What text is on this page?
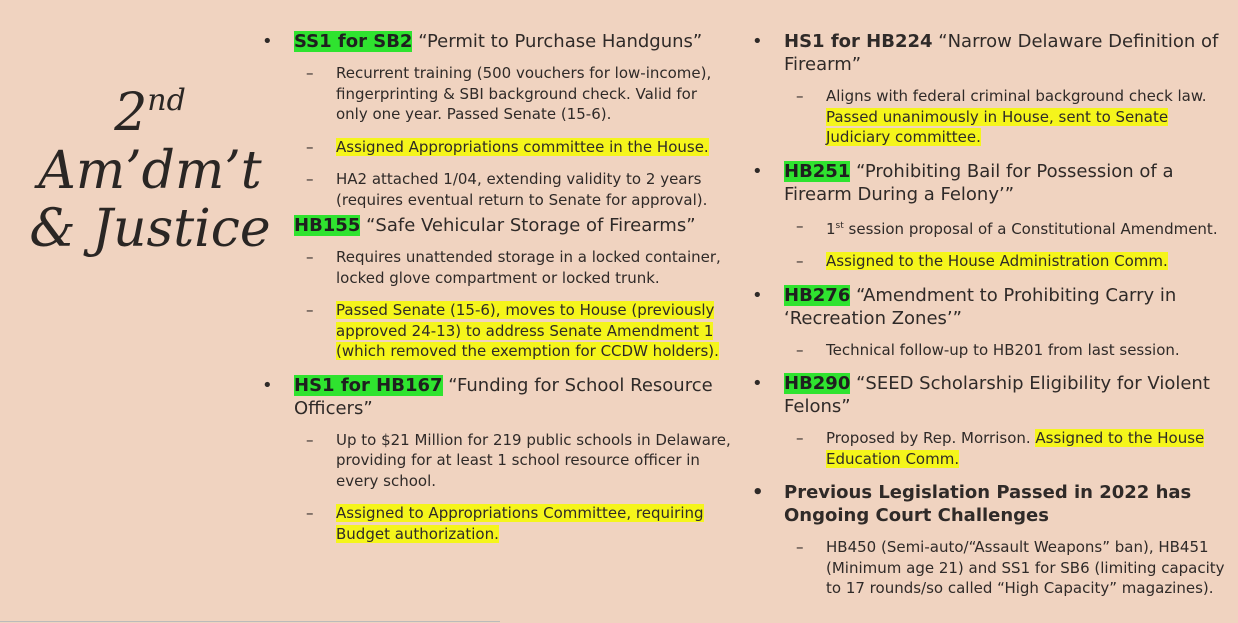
2nd
Am’dm’t
& Justice
• SS1 for SB2 “Permit to Purchase Handguns”
– Recurrent training (500 vouchers for low-income), fingerprinting & SBI background check. Valid for only one year. Passed Senate (15-6).
– Assigned Appropriations committee in the House.
– HA2 attached 1/04, extending validity to 2 years (requires eventual return to Senate for approval).
HB155 “Safe Vehicular Storage of Firearms”
– Requires unattended storage in a locked container, locked glove compartment or locked trunk.
– Passed Senate (15-6), moves to House (previously approved 24-13) to address Senate Amendment 1 (which removed the exemption for CCDW holders).
• HS1 for HB167 “Funding for School Resource Officers”
– Up to $21 Million for 219 public schools in Delaware, providing for at least 1 school resource officer in every school.
– Assigned to Appropriations Committee, requiring Budget authorization.
• HS1 for HB224 “Narrow Delaware Definition of Firearm”
– Aligns with federal criminal background check law. Passed unanimously in House, sent to Senate Judiciary committee.
• HB251 “Prohibiting Bail for Possession of a Firearm During a Felony’”
– 1st session proposal of a Constitutional Amendment.
– Assigned to the House Administration Comm.
• HB276 “Amendment to Prohibiting Carry in ‘Recreation Zones’”
– Technical follow-up to HB201 from last session.
• HB290 “SEED Scholarship Eligibility for Violent Felons”
– Proposed by Rep. Morrison. Assigned to the House Education Comm.
• Previous Legislation Passed in 2022 has Ongoing Court Challenges
– HB450 (Semi-auto/“Assault Weapons” ban), HB451 (Minimum age 21) and SS1 for SB6 (limiting capacity to 17 rounds/so called “High Capacity” magazines).
